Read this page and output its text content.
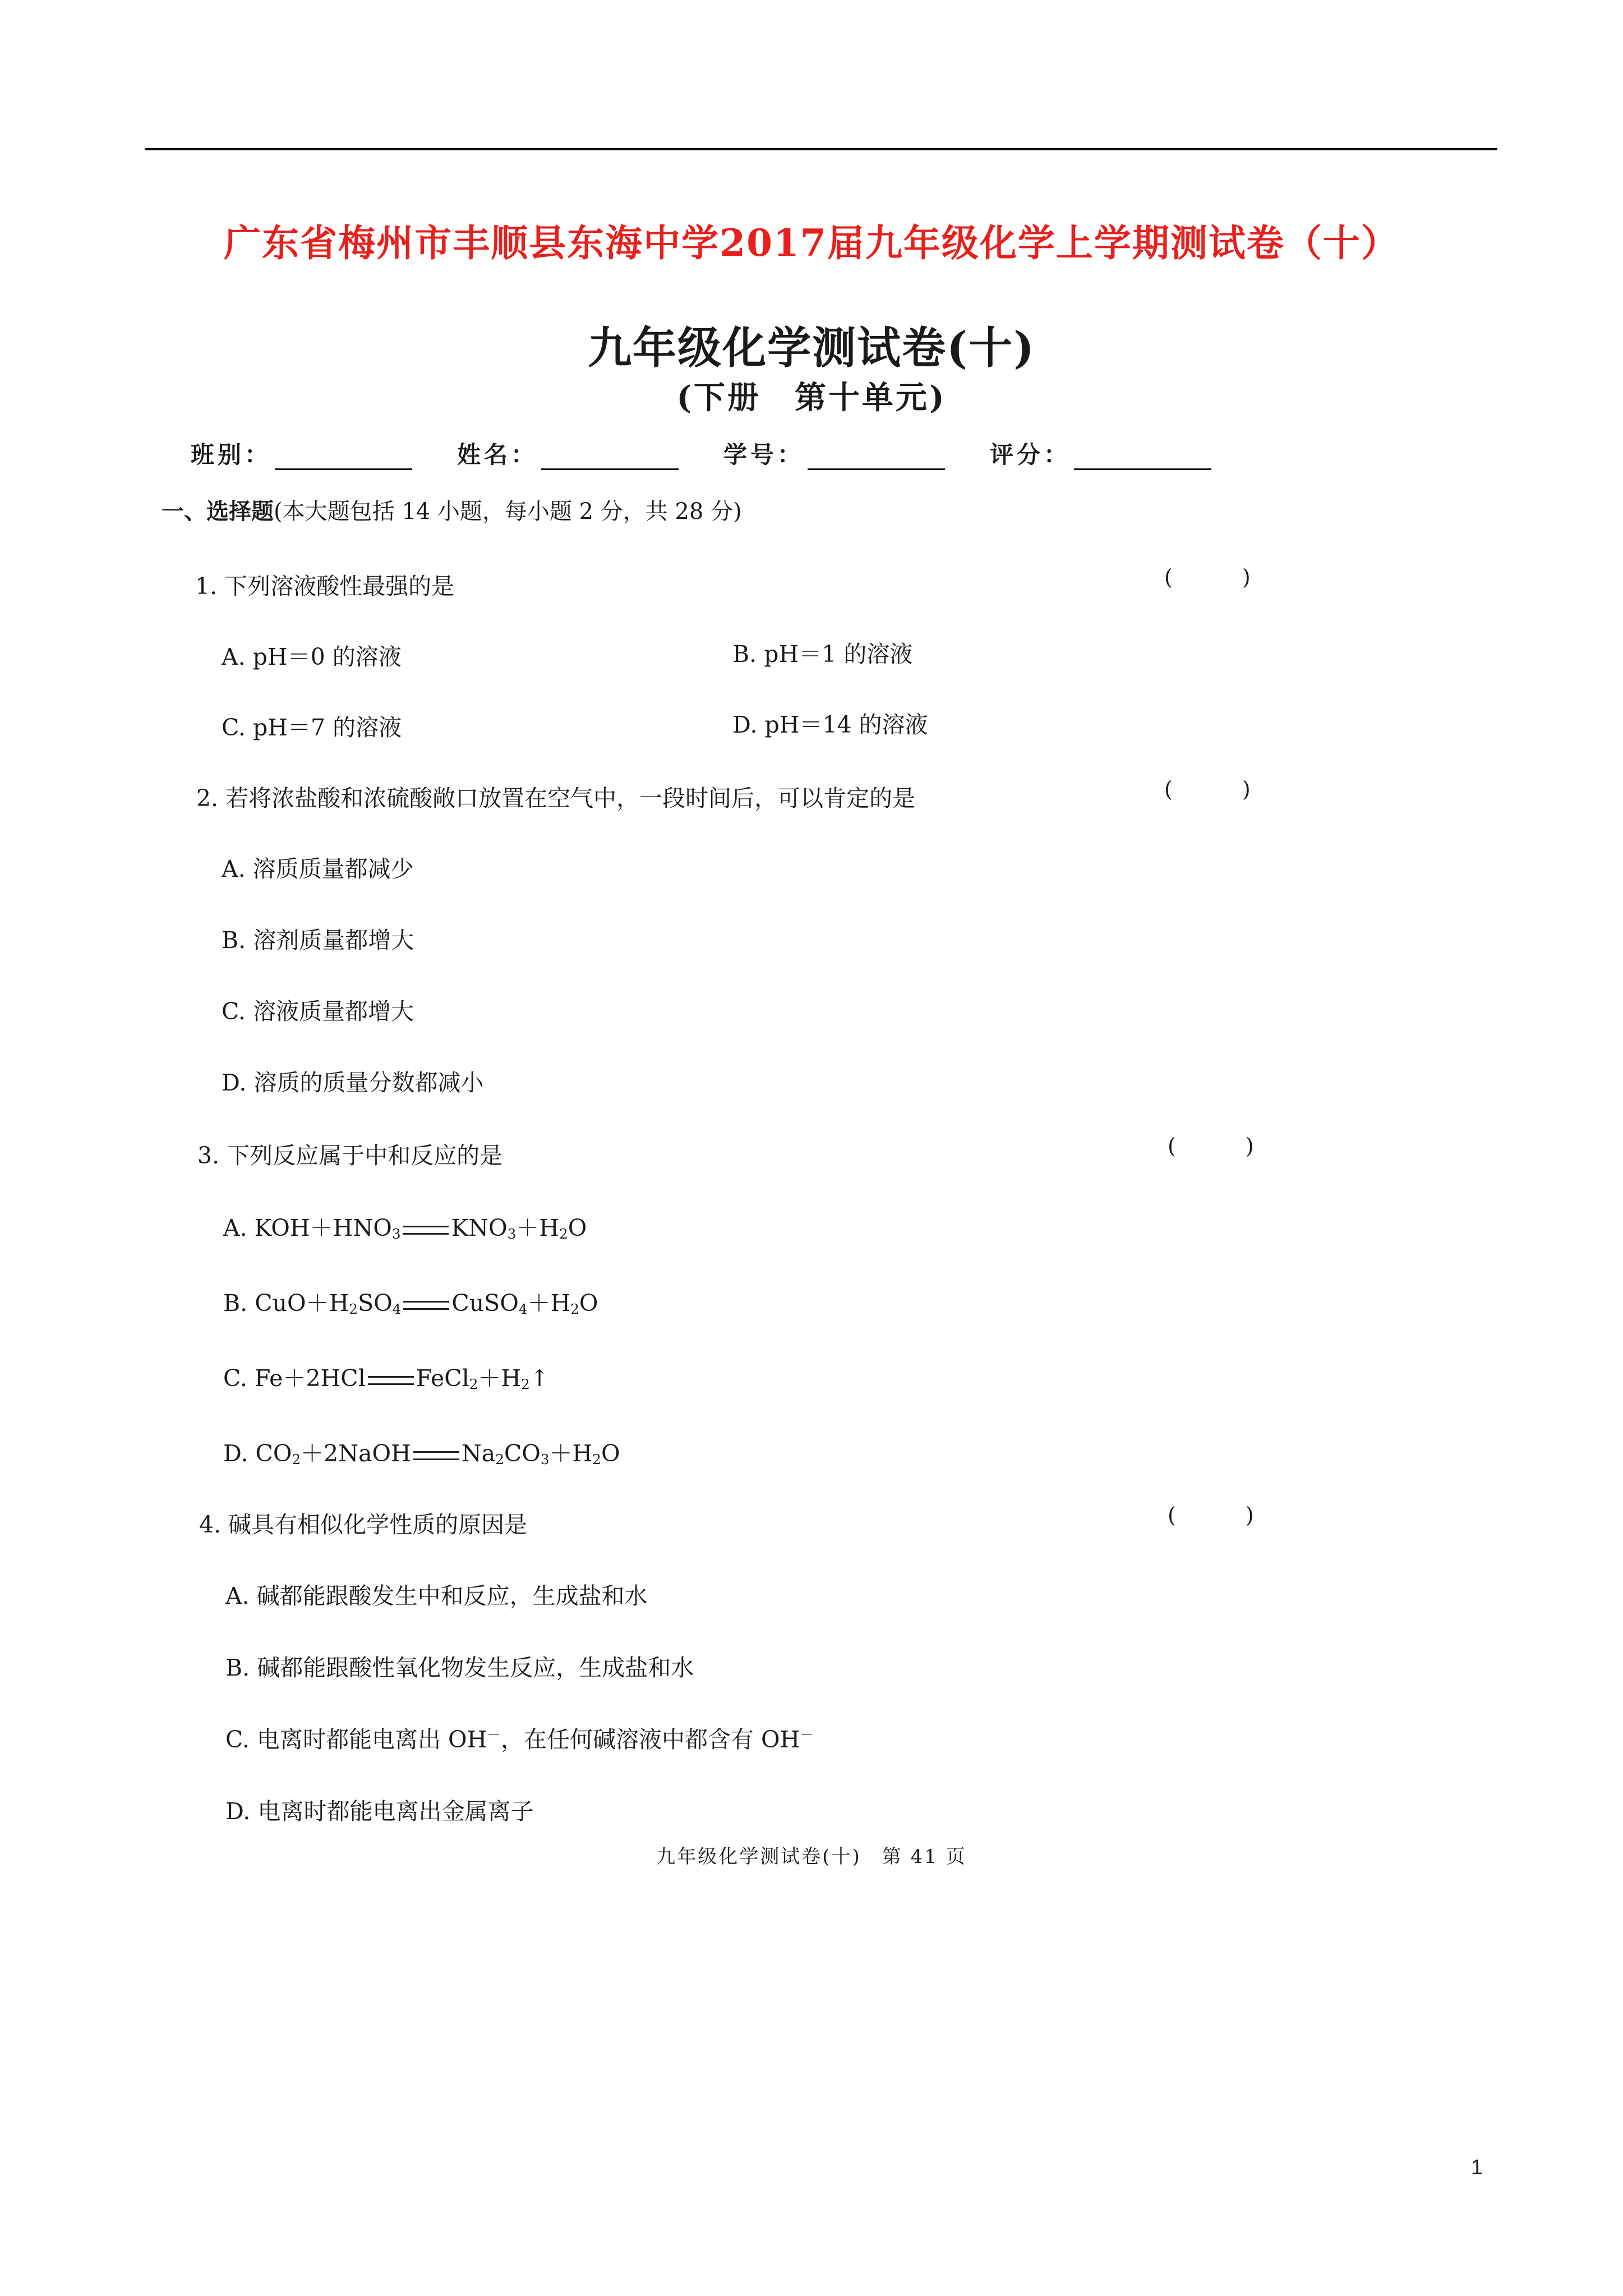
广东省梅州市丰顺县东海中学2017届九年级化学上学期测试卷（十）
九年级化学测试卷(十)
(下册　第十单元)
班别：	姓名：	学号：	评分：
一、选择题(本大题包括 14 小题，每小题 2 分，共 28 分)
1. 下列溶液酸性最强的是	( )
A. pH＝0 的溶液	B. pH＝1 的溶液
C. pH＝7 的溶液	D. pH＝14 的溶液
2. 若将浓盐酸和浓硫酸敞口放置在空气中，一段时间后，可以肯定的是	( )
A. 溶质质量都减少
B. 溶剂质量都增大
C. 溶液质量都增大
D. 溶质的质量分数都减小
3. 下列反应属于中和反应的是	( )
A. $KOH+HNO_3$ $KNO_3+H_2O$
B. $CuO+H_2SO_4$ $CuSO_4+H_2O$
C. Fe＋2HCl $FeCl_2+H_2↑$
D. $CO_2+2NaOH$ $Na_2CO_3+H_2O$
4. 碱具有相似化学性质的原因是	( )
A. 碱都能跟酸发生中和反应，生成盐和水
B. 碱都能跟酸性氧化物发生反应，生成盐和水
C. 电离时都能电离出 OH－，在任何碱溶液中都含有 OH－
D. 电离时都能电离出金属离子
九年级化学测试卷(十)　第 41 页
1
